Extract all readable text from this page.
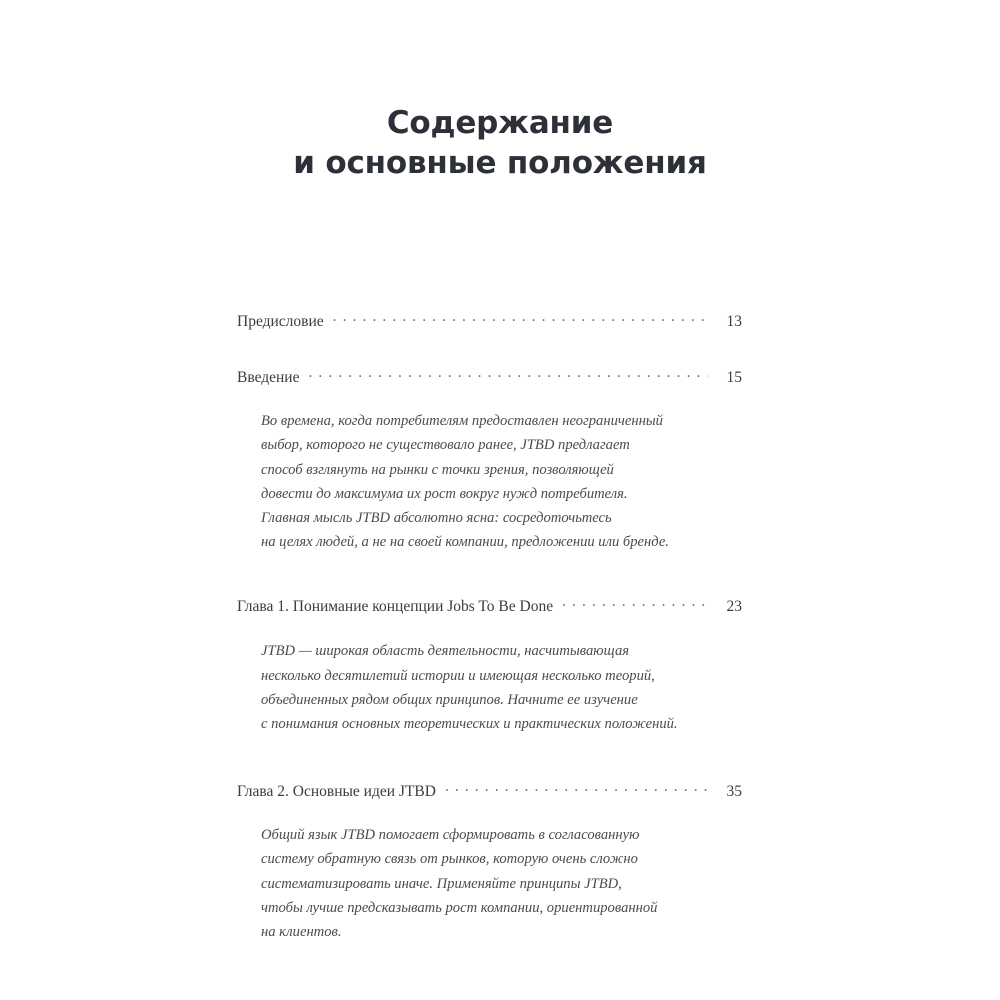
Содержание
и основные положения
Предисловие . . .	13
Введение . . .	15
Во времена, когда потребителям предоставлен неограниченный
выбор, которого не существовало ранее, JTBD предлагает
способ взглянуть на рынки с точки зрения, позволяющей
довести до максимума их рост вокруг нужд потребителя.
Главная мысль JTBD абсолютно ясна: сосредоточьтесь
на целях людей, а не на своей компании, предложении или бренде.
Глава 1. Понимание концепции Jobs To Be Done . . .	23
JTBD — широкая область деятельности, насчитывающая
несколько десятилетий истории и имеющая несколько теорий,
объединенных рядом общих принципов. Начните ее изучение
с понимания основных теоретических и практических положений.
Глава 2. Основные идеи JTBD . . .	35
Общий язык JTBD помогает сформировать в согласованную
систему обратную связь от рынков, которую очень сложно
систематизировать иначе. Применяйте принципы JTBD,
чтобы лучше предсказывать рост компании, ориентированной
на клиентов.
